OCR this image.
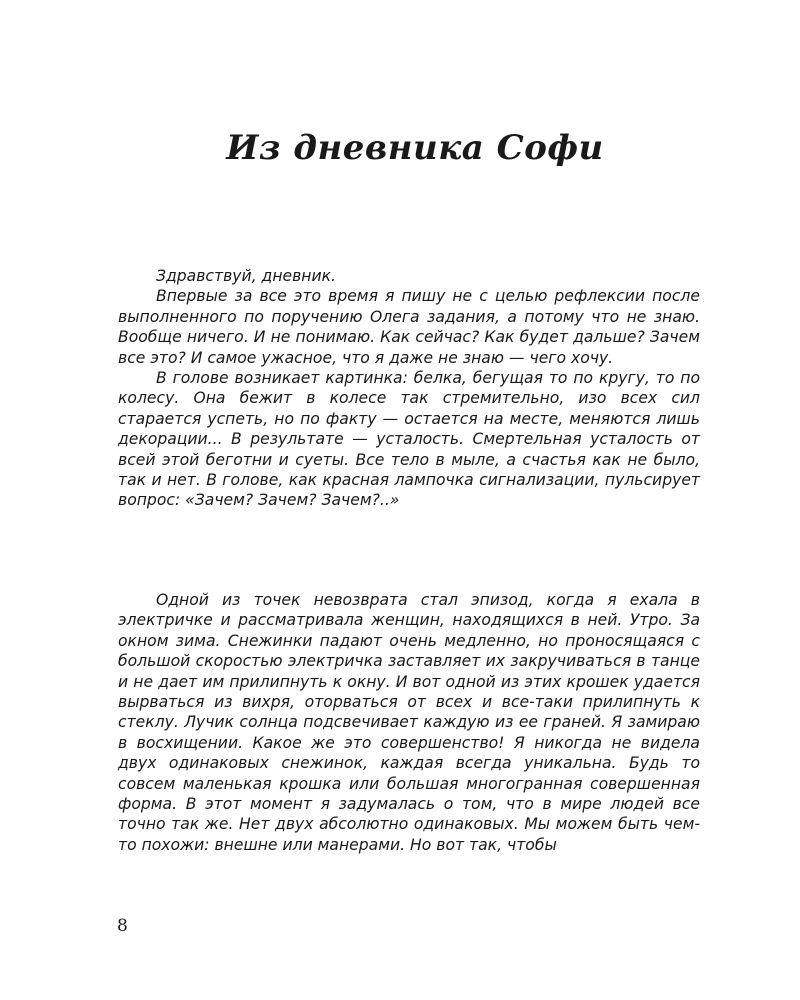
Из дневника Софи

Здравствуй, дневник.

Впервые за все это время я пишу не с целью рефлексии после выполненного по поручению Олега задания, а потому что не знаю. Вообще ничего. И не понимаю. Как сейчас? Как будет дальше? Зачем все это? И самое ужасное, что я даже не знаю — чего хочу.

В голове возникает картинка: белка, бегущая то по кругу, то по колесу. Она бежит в колесе так стремительно, изо всех сил старается успеть, но по факту — остается на месте, меняются лишь декорации... В результате — усталость. Смертельная усталость от всей этой беготни и суеты. Все тело в мыле, а счастья как не было, так и нет. В голове, как красная лампочка сигнализации, пульсирует вопрос: «Зачем? Зачем? Зачем?..»

Одной из точек невозврата стал эпизод, когда я ехала в электричке и рассматривала женщин, находящихся в ней. Утро. За окном зима. Снежинки падают очень медленно, но проносящаяся с большой скоростью электричка заставляет их закручиваться в танце и не дает им прилипнуть к окну. И вот одной из этих крошек удается вырваться из вихря, оторваться от всех и все-таки прилипнуть к стеклу. Лучик солнца подсвечивает каждую из ее граней. Я замираю в восхищении. Какое же это совершенство! Я никогда не видела двух одинаковых снежинок, каждая всегда уникальна. Будь то совсем маленькая крошка или большая многогранная совершенная форма. В этот момент я задумалась о том, что в мире людей все точно так же. Нет двух абсолютно одинаковых. Мы можем быть чем-то похожи: внешне или манерами. Но вот так, чтобы

8
